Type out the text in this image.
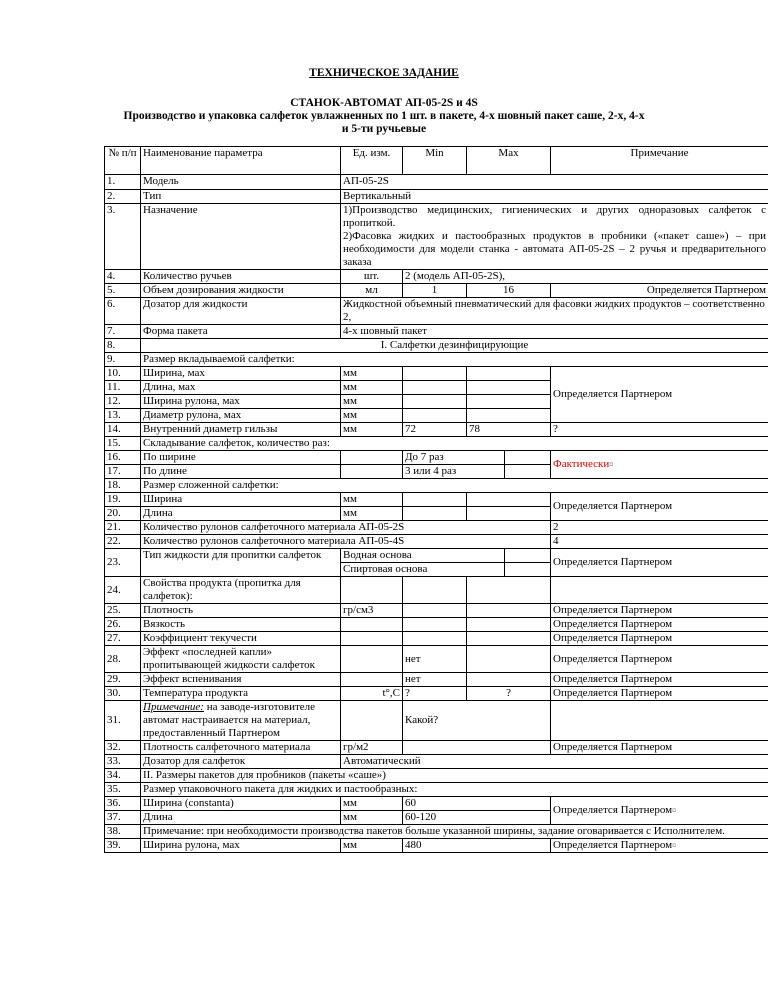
ТЕХНИЧЕСКОЕ ЗАДАНИЕ
СТАНОК-АВТОМАТ АП-05-2S и 4S
Производство и упаковка салфеток увлажненных по 1 шт. в пакете, 4-х шовный пакет саше, 2-х, 4-х
и 5-ти ручьевые
№ п/п	Наименование параметра	Ед. изм.	Min	Max		Примечание
1.	Модель	АП-05-2S				
2.	Тип	Вертикальный				
3.	Назначение	1)Производство медицинских, гигиенических и других одноразовых салфеток с пропиткой.
2)Фасовка жидких и пастообразных продуктов в пробники («пакет саше») – при необходимости для модели станка - автомата АП-05-2S – 2 ручья и предварительного заказа				

4.	Количество ручьев	шт.	2 (модель АП-05-2S),			
5.	Объем дозирования жидкости	мл	1	16		Определяется Партнером
6.	Дозатор для жидкости	Жидкостной объемный пневматический для фасовки жидких продуктов – соответственно 2,				
7.	Форма пакета	4-х шовный пакет				
8.	I. Салфетки дезинфицирующие					
9.	Размер вкладываемой салфетки:					
10.	Ширина, мах	мм				Определяется Партнером
11.	Длина, мах	мм				
12.	Ширина рулона, мах	мм				
13.	Диаметр рулона, мах	мм				
14.	Внутренний диаметр гильзы	мм	72	78		?
15.	Складывание салфеток, количество раз:					
16.	По ширине		До 7 раз			Фактически¤
17.	По длине		3 или 4 раз			
18.	Размер сложенной салфетки:					
19.	Ширина	мм				Определяется Партнером
20.	Длина	мм				
21.	Количество рулонов салфеточного материала АП-05-2S					2
22.	Количество рулонов салфеточного материала АП-05-4S					4
23.	Тип жидкости для пропитки салфеток	Водная основа				Определяется Партнером
		Спиртовая основа				
24.	Свойства продукта (пропитка для салфеток):					
25.	Плотность	гр/см3				Определяется Партнером
26.	Вязкость					Определяется Партнером
27.	Коэффициент текучести					Определяется Партнером
28.	Эффект «последней капли» пропитывающей жидкости салфеток		нет			Определяется Партнером
29.	Эффект вспенивания		нет			Определяется Партнером
30.	Температура продукта	t°,C	?	?		Определяется Партнером
31.	Примечание: на заводе-изготовителе автомат настраивается на материал, предоставленный Партнером		Какой?			
32.	Плотность салфеточного материала	гр/м2				Определяется Партнером
33.	Дозатор для салфеток	Автоматический				
34.	II. Размеры пакетов для пробников (пакеты «саше»)					
35.	Размер упаковочного пакета для жидких и пастообразных:					
36.	Ширина (constanta)	мм	60			Определяется Партнером¤
37.	Длина	мм	60-120			
38.	Примечание: при необходимости производства пакетов больше указанной ширины, задание оговаривается с Исполнителем.					
39.	Ширина рулона, мах	мм	480			Определяется Партнером¤
